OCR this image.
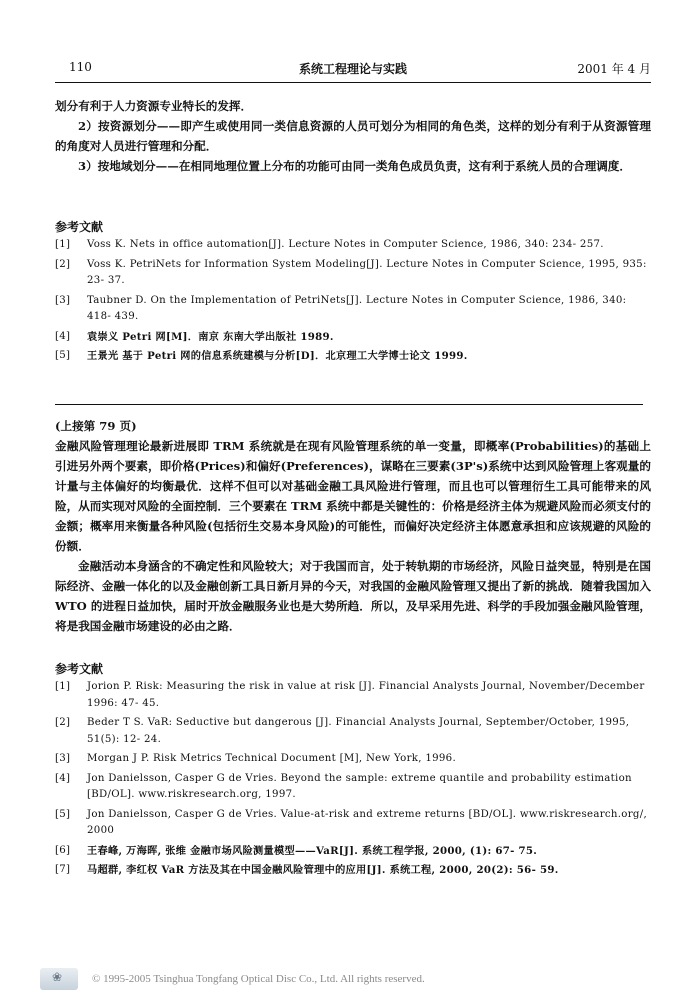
110	系统工程理论与实践	2001 年 4 月

划分有利于人力资源专业特长的发挥．

2）按资源划分——即产生或使用同一类信息资源的人员可划分为相同的角色类，这样的划分有利于从资源管理的角度对人员进行管理和分配．

3）按地域划分——在相同地理位置上分布的功能可由同一类角色成员负责，这有利于系统人员的合理调度．

参考文献

[1]	Voss K. Nets in office automation[J]. Lecture Notes in Computer Science, 1986, 340: 234- 257.
[2]	Voss K. PetriNets for Information System Modeling[J]. Lecture Notes in Computer Science, 1995, 935: 23- 37.
[3]	Taubner D. On the Implementation of PetriNets[J]. Lecture Notes in Computer Science, 1986, 340: 418- 439.
[4]	袁崇义 Petri 网[M]．南京 东南大学出版社 1989.
[5]	王景光 基于 Petri 网的信息系统建模与分析[D]．北京理工大学博士论文 1999.

(上接第 79 页)

金融风险管理理论最新进展即 TRM 系统就是在现有风险管理系统的单一变量，即概率(Probabilities)的基础上引进另外两个要素，即价格(Prices)和偏好(Preferences)，谋略在三要素(3P's)系统中达到风险管理上客观量的计量与主体偏好的均衡最优．这样不但可以对基础金融工具风险进行管理，而且也可以管理衍生工具可能带来的风险，从而实现对风险的全面控制．三个要素在 TRM 系统中都是关键性的：价格是经济主体为规避风险而必须支付的金额；概率用来衡量各种风险(包括衍生交易本身风险)的可能性，而偏好决定经济主体愿意承担和应该规避的风险的份额．

金融活动本身涵含的不确定性和风险较大；对于我国而言，处于转轨期的市场经济，风险日益突显，特别是在国际经济、金融一体化的以及金融创新工具日新月异的今天，对我国的金融风险管理又提出了新的挑战．随着我国加入WTO 的进程日益加快，届时开放金融服务业也是大势所趋．所以，及早采用先进、科学的手段加强金融风险管理，将是我国金融市场建设的必由之路．

参考文献

[1]	Jorion P. Risk: Measuring the risk in value at risk [J]. Financial Analysts Journal, November/December 1996: 47- 45.
[2]	Beder T S. VaR: Seductive but dangerous [J]. Financial Analysts Journal, September/October, 1995, 51(5): 12- 24.
[3]	Morgan J P. Risk Metrics Technical Document [M], New York, 1996.
[4]	Jon Danielsson, Casper G de Vries. Beyond the sample: extreme quantile and probability estimation [BD/OL]. www.riskresearch.org, 1997.
[5]	Jon Danielsson, Casper G de Vries. Value-at-risk and extreme returns [BD/OL]. www.riskresearch.org/, 2000
[6]	王春峰, 万海晖, 张维 金融市场风险测量模型——VaR[J]. 系统工程学报, 2000, (1): 67- 75.
[7]	马超群, 李红权 VaR 方法及其在中国金融风险管理中的应用[J]. 系统工程, 2000, 20(2): 56- 59.
❀	© 1995-2005 Tsinghua Tongfang Optical Disc Co., Ltd. All rights reserved.
